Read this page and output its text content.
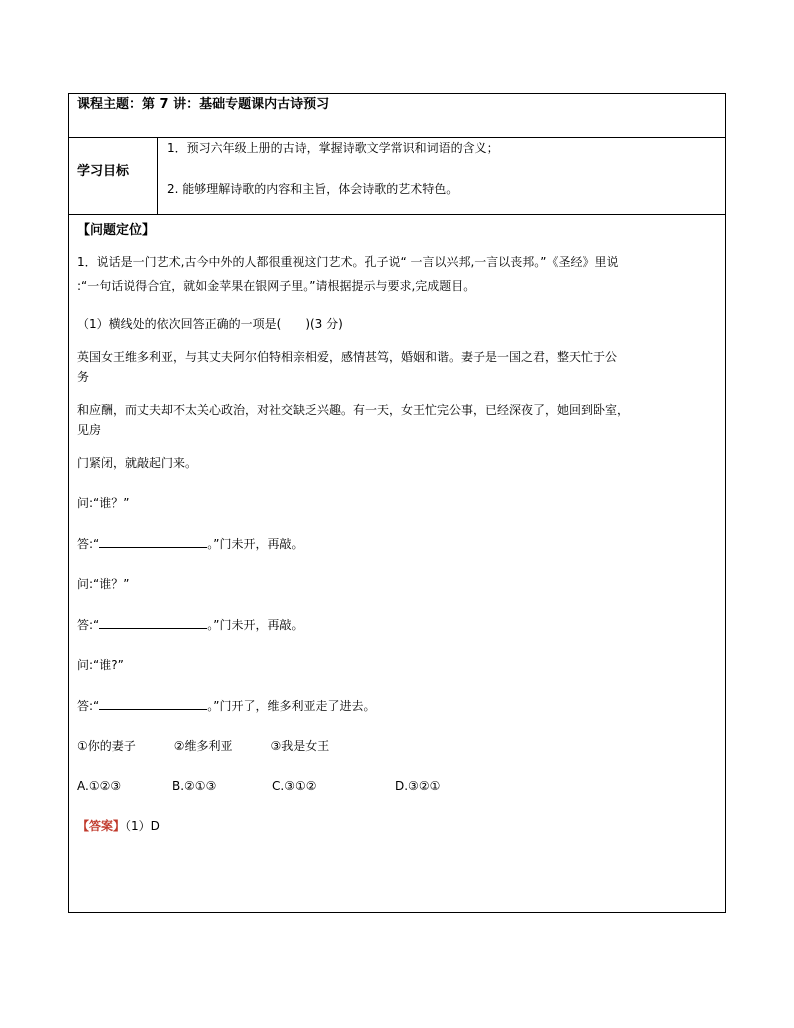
课程主题：第 7 讲：基础专题课内古诗预习
学习目标
1．预习六年级上册的古诗，掌握诗歌文学常识和词语的含义；
2. 能够理解诗歌的内容和主旨，体会诗歌的艺术特色。

【问题定位】

1．说话是一门艺术,古今中外的人都很重视这门艺术。孔子说“ 一言以兴邦,一言以丧邦。”《圣经》里说

:“一句话说得合宜，就如金苹果在银网子里。”请根据提示与要求,完成题目。

（1）横线处的依次回答正确的一项是(　　)(3 分)

英国女王维多利亚，与其丈夫阿尔伯特相亲相爱，感情甚笃，婚姻和谐。妻子是一国之君，整天忙于公

务

和应酬，而丈夫却不太关心政治，对社交缺乏兴趣。有一天，女王忙完公事，已经深夜了，她回到卧室，

见房

门紧闭，就敲起门来。

问:“谁？”

答:“	。”门未开，再敲。

问:“谁？”

答:“	。”门未开，再敲。

问:“谁?”

答:“	。”门开了，维多利亚走了进去。

①你的妻子	②维多利亚	③我是女王

A.①②③	B.②①③	C.③①②	D.③②①

【答案】（1）D
